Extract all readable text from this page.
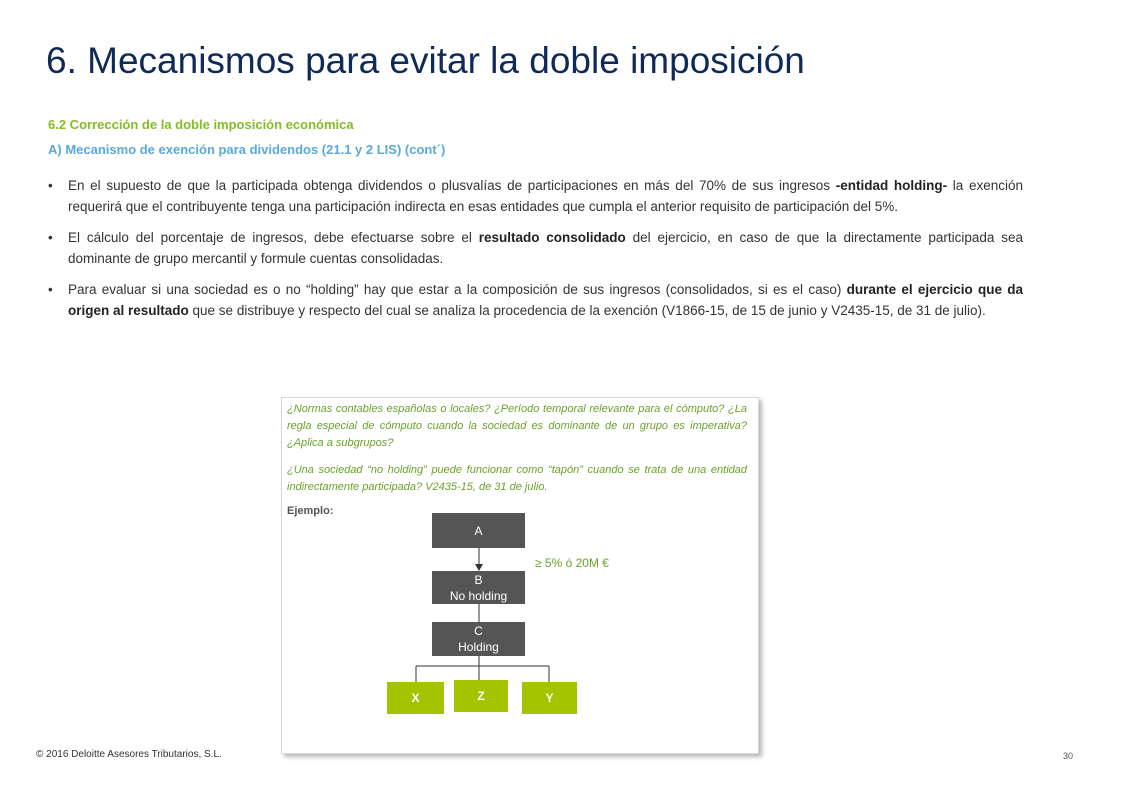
6. Mecanismos para evitar la doble imposición

6.2 Corrección de la doble imposición económica

A) Mecanismo de exención para dividendos (21.1 y 2 LIS) (cont´)

• En el supuesto de que la participada obtenga dividendos o plusvalías de participaciones en más del 70% de sus ingresos -entidad holding- la exención requerirá que el contribuyente tenga una participación indirecta en esas entidades que cumpla el anterior requisito de participación del 5%.
• El cálculo del porcentaje de ingresos, debe efectuarse sobre el resultado consolidado del ejercicio, en caso de que la directamente participada sea dominante de grupo mercantil y formule cuentas consolidadas.
• Para evaluar si una sociedad es o no “holding” hay que estar a la composición de sus ingresos (consolidados, si es el caso) durante el ejercicio que da origen al resultado que se distribuye y respecto del cual se analiza la procedencia de la exención (V1866-15, de 15 de junio y V2435-15, de 31 de julio).

¿Normas contables españolas o locales? ¿Período temporal relevante para el cómputo? ¿La regla especial de cómputo cuando la sociedad es dominante de un grupo es imperativa? ¿Aplica a subgrupos?

¿Una sociedad “no holding” puede funcionar como “tapón” cuando se trata de una entidad indirectamente participada? V2435-15, de 31 de julio.

Ejemplo:
A
B
No holding
C
Holding
X	Z	Y
≥ 5% ó 20M €
© 2016 Deloitte Asesores Tributarios, S.L.	30
